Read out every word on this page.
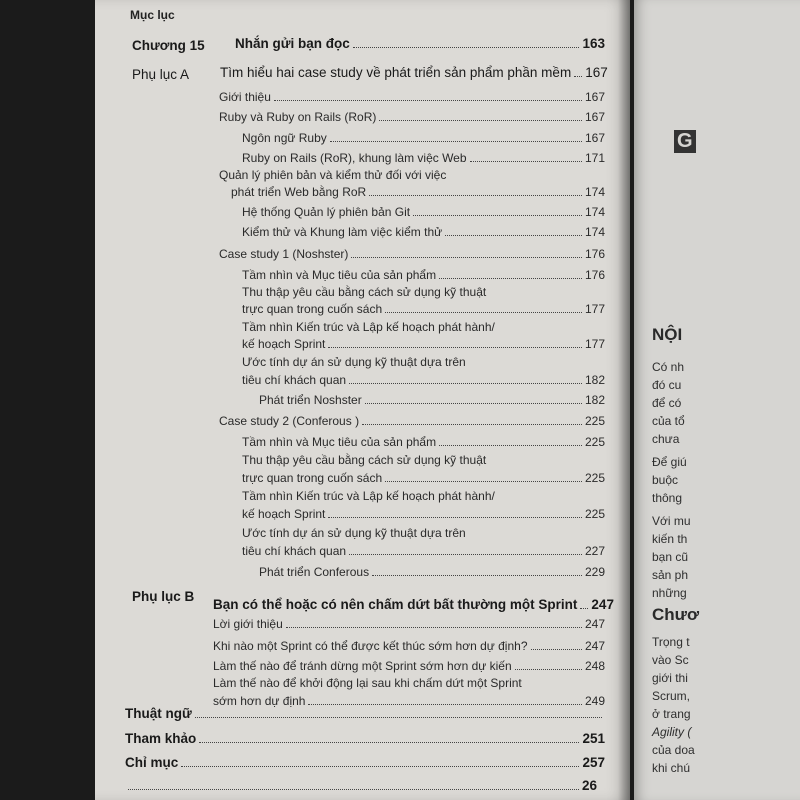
Mục lục
Chương 15 Nhắn gửi bạn đọc	163
Phụ lục A Tìm hiểu hai case study về phát triển sản phẩm phần mềm 167
Giới thiệu	167
Ruby và Ruby on Rails (RoR)	167
Ngôn ngữ Ruby	167
Ruby on Rails (RoR), khung làm việc Web	171
Quản lý phiên bản và kiểm thử đối với việc
phát triển Web bằng RoR	174
Hệ thống Quản lý phiên bản Git	174
Kiểm thử và Khung làm việc kiểm thử	174
Case study 1 (Noshster)	176
Tầm nhìn và Mục tiêu của sản phẩm	176
Thu thập yêu cầu bằng cách sử dụng kỹ thuật
trực quan trong cuốn sách	177
Tầm nhìn Kiến trúc và Lập kế hoạch phát hành/
kế hoạch Sprint	177
Ước tính dự án sử dụng kỹ thuật dựa trên
tiêu chí khách quan	182
Phát triển Noshster	182
Case study 2 (Conferous )	225
Tầm nhìn và Mục tiêu của sản phẩm	225
Thu thập yêu cầu bằng cách sử dụng kỹ thuật
trực quan trong cuốn sách	225
Tầm nhìn Kiến trúc và Lập kế hoạch phát hành/
kế hoạch Sprint	225
Ước tính dự án sử dụng kỹ thuật dựa trên
tiêu chí khách quan	227
Phát triển Conferous	229
Phụ lục B
Bạn có thể hoặc có nên chấm dứt bất thường một Sprint 247
Lời giới thiệu	247
Khi nào một Sprint có thể được kết thúc sớm hơn dự định?	247
Làm thế nào để tránh dừng một Sprint sớm hơn dự kiến	248
Làm thế nào để khởi động lại sau khi chấm dứt một Sprint
sớm hơn dự định	249
Thuật ngữ
Tham khảo	251
Chỉ mục	257
26
G
NỘI
Có nh
đó cu
để có
của tổ
chưa
Để giú
buộc
thông
Với mu
kiến th
bạn cũ
sản ph
những
Chươ
Trọng t
vào Sc
giới thi
Scrum,
ở trang
Agility (
của doa
khi chú
